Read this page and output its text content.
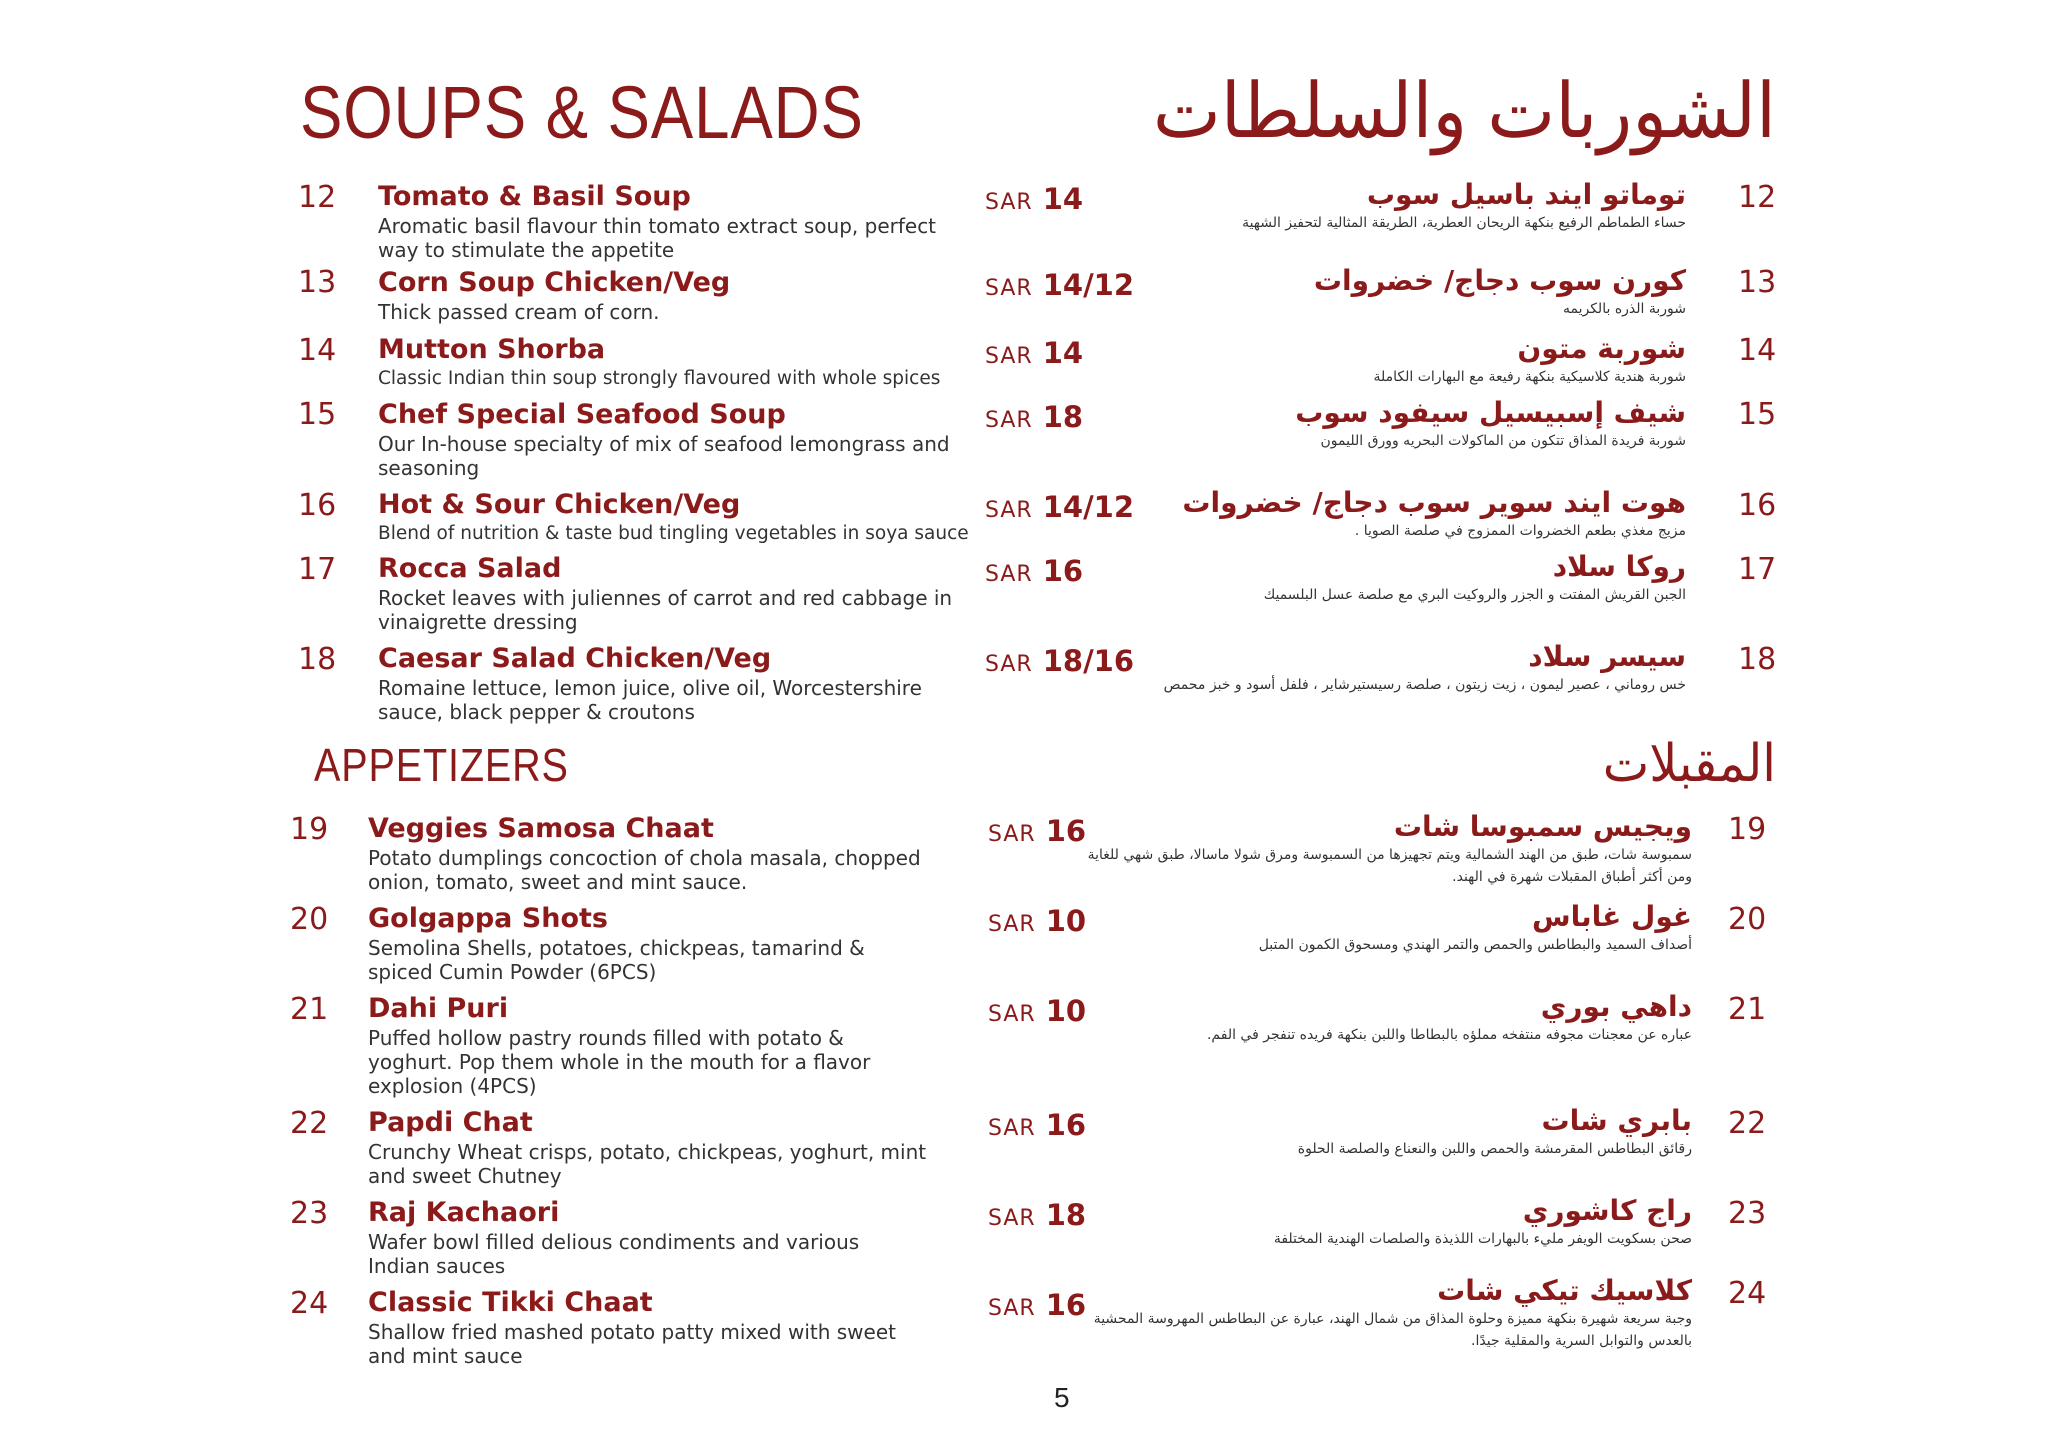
SOUPS & SALADS	الشوربات والسلطات
12 Tomato & Basil Soup
Aromatic basil flavour thin tomato extract soup, perfect way to stimulate the appetite
SAR 14	توماتو ايند باسيل سوب
حساء الطماطم الرفيع بنكهة الريحان العطرية، الطريقة المثالية لتحفيز الشهية
12
13 Corn Soup Chicken/Veg
Thick passed cream of corn.
SAR 14/12	كورن سوب دجاج/ خضروات
شوربة الذره بالكريمه
13
14 Mutton Shorba
Classic Indian thin soup strongly flavoured with whole spices
SAR 14	شوربة متون
شوربة هندية كلاسيكية بنكهة رفيعة مع البهارات الكاملة
14
15 Chef Special Seafood Soup
Our In-house specialty of mix of seafood lemongrass and seasoning
SAR 18	شيف إسبيسيل سيفود سوب
شوربة فريدة المذاق تتكون من الماكولات البحريه وورق الليمون
15
16 Hot & Sour Chicken/Veg
Blend of nutrition & taste bud tingling vegetables in soya sauce
SAR 14/12	هوت ايند سوير سوب دجاج/ خضروات
مزيج مغذي بطعم الخضروات الممزوج في صلصة الصويا .
16
17 Rocca Salad
Rocket leaves with juliennes of carrot and red cabbage in vinaigrette dressing
SAR 16	روكا سلاد
الجبن القريش المفتت و الجزر والروكيت البري مع صلصة عسل البلسميك
17
18 Caesar Salad Chicken/Veg
Romaine lettuce, lemon juice, olive oil, Worcestershire sauce, black pepper & croutons
SAR 18/16	سيسر سلاد
خس روماني ، عصير ليمون ، زيت زيتون ، صلصة رسيستيرشاير ، فلفل أسود و خبز محمص
18
APPETIZERS	المقبلات
19 Veggies Samosa Chaat
Potato dumplings concoction of chola masala, chopped onion, tomato, sweet and mint sauce.
SAR 16	ويجيس سمبوسا شات
سمبوسة شات، طبق من الهند الشمالية ويتم تجهيزها من السمبوسة ومرق شولا ماسالا، طبق شهي للغاية ومن أكثر أطباق المقبلات شهرة في الهند.
19
20 Golgappa Shots
Semolina Shells, potatoes, chickpeas, tamarind & spiced Cumin Powder (6PCS)
SAR 10	غول غاباس
أصداف السميد والبطاطس والحمص والتمر الهندي ومسحوق الكمون المتبل
20
21 Dahi Puri
Puffed hollow pastry rounds filled with potato & yoghurt. Pop them whole in the mouth for a flavor explosion (4PCS)
SAR 10	داهي بوري
عباره عن معجنات مجوفه منتفخه مملؤه بالبطاطا واللبن بنكهة فريده تنفجر في الفم.
21
22 Papdi Chat
Crunchy Wheat crisps, potato, chickpeas, yoghurt, mint and sweet Chutney
SAR 16	بابري شات
رقائق البطاطس المقرمشة والحمص واللبن والنعناع والصلصة الحلوة
22
23 Raj Kachaori
Wafer bowl filled delious condiments and various Indian sauces
SAR 18	راج كاشوري
صحن بسكويت الويفر مليء بالبهارات اللذيذة والصلصات الهندية المختلفة
23
24 Classic Tikki Chaat
Shallow fried mashed potato patty mixed with sweet and mint sauce
SAR 16	كلاسيك تيكي شات
وجبة سريعة شهيرة بنكهة مميزة وحلوة المذاق من شمال الهند، عبارة عن البطاطس المهروسة المحشية بالعدس والتوابل السرية والمقلية جيدًا.
24
5
